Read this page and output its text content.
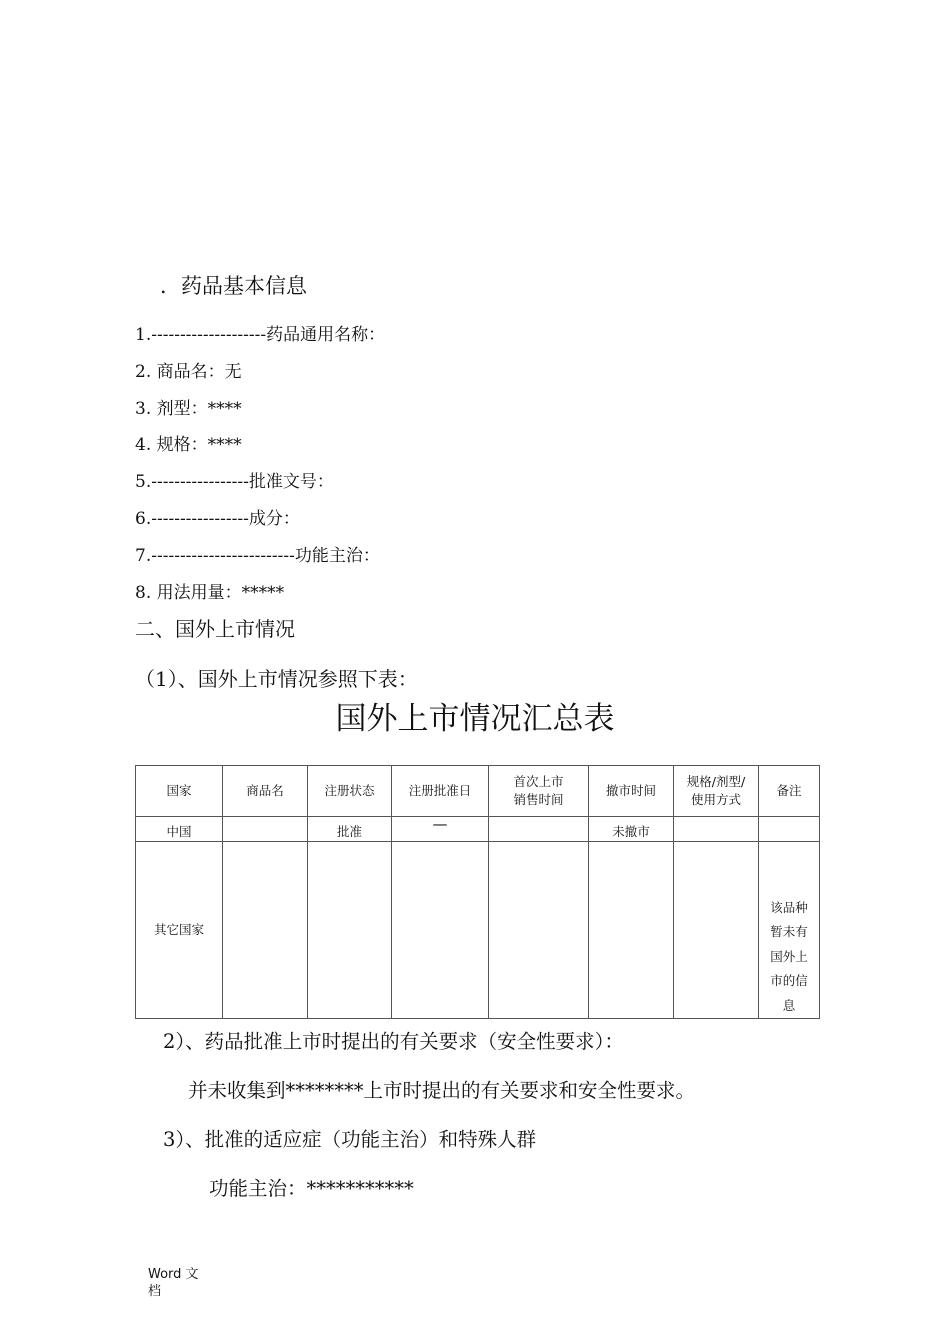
．药品基本信息
1.--------------------药品通用名称：
2. 商品名：无
3. 剂型：****
4. 规格：****
5.-----------------批准文号：
6.-----------------成分：
7.-------------------------功能主治：
8. 用法用量：*****
二、国外上市情况
（1）、国外上市情况参照下表：
国外上市情况汇总表
国家	商品名	注册状态	注册批准日	首次上市销售时间	撤市时间	规格/剂型/使用方式	备注
中国		批准	—		未撤市		
其它国家							该品种暂未有国外上市的信息
2）、药品批准上市时提出的有关要求（安全性要求）：
并未收集到********上市时提出的有关要求和安全性要求。
3）、批准的适应症（功能主治）和特殊人群
功能主治：***********
Word 文
档
